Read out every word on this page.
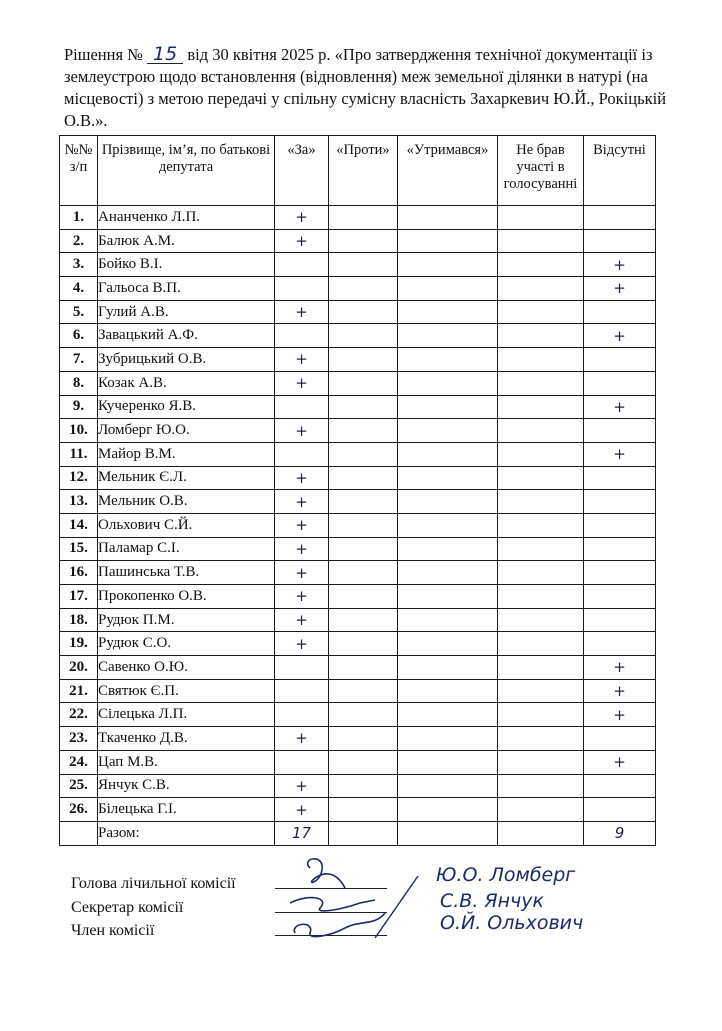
Рішення № 15 від 30 квітня 2025 р. «Про затвердження технічної документації із землеустрою щодо встановлення (відновлення) меж земельної ділянки в натурі (на місцевості) з метою передачі у спільну сумісну власність Захаркевич Ю.Й., Рокіцькій О.В.».
№№ з/п	Прізвище, ім’я, по батькові депутата	«За»	«Проти»	«Утримався»	Не брав участі в голосуванні	Відсутні
1.	Ананченко Л.П.	+				
2.	Балюк А.М.	+				
3.	Бойко В.І.					+
4.	Гальоса В.П.					+
5.	Гулий А.В.	+				
6.	Завацький А.Ф.					+
7.	Зубрицький О.В.	+				
8.	Козак А.В.	+				
9.	Кучеренко Я.В.					+
10.	Ломберг Ю.О.	+				
11.	Майор В.М.					+
12.	Мельник Є.Л.	+				
13.	Мельник О.В.	+				
14.	Ольхович С.Й.	+				
15.	Паламар С.І.	+				
16.	Пашинська Т.В.	+				
17.	Прокопенко О.В.	+				
18.	Рудюк П.М.	+				
19.	Рудюк С.О.	+				
20.	Савенко О.Ю.					+
21.	Святюк Є.П.					+
22.	Сілецька Л.П.					+
23.	Ткаченко Д.В.	+				
24.	Цап М.В.					+
25.	Янчук С.В.	+				
26.	Білецька Г.І.	+				
	Разом:	17				9
Голова лічильної комісії
Секретар комісії
Член комісії
Ю.О. Ломберг
С.В. Янчук
О.Й. Ольхович
